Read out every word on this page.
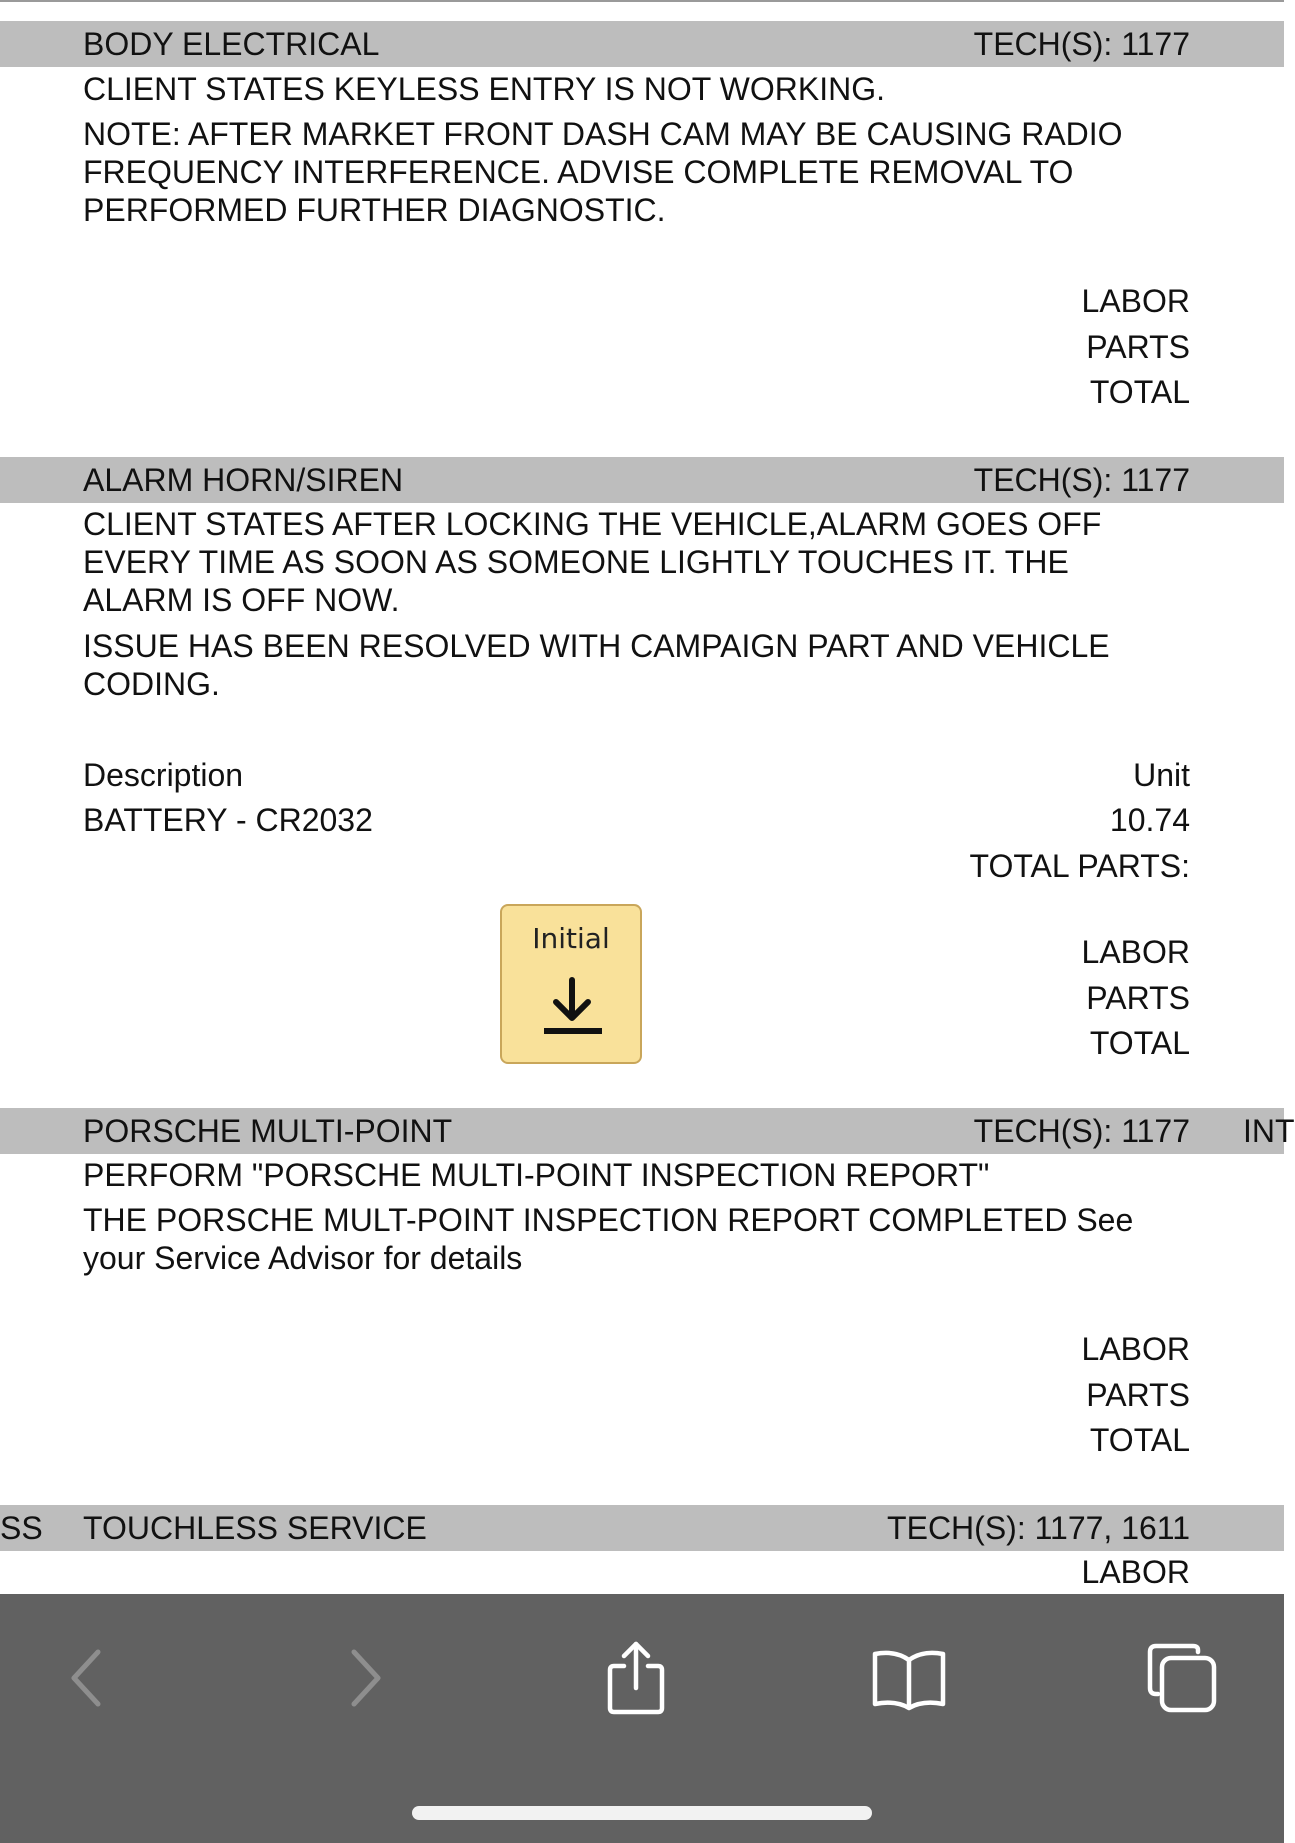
BODY ELECTRICAL	TECH(S): 1177
CLIENT STATES KEYLESS ENTRY IS NOT WORKING.
NOTE: AFTER MARKET FRONT DASH CAM MAY BE CAUSING RADIO
FREQUENCY INTERFERENCE. ADVISE COMPLETE REMOVAL TO
PERFORMED FURTHER DIAGNOSTIC.
LABOR
PARTS
TOTAL
ALARM HORN/SIREN	TECH(S): 1177
CLIENT STATES AFTER LOCKING THE VEHICLE,ALARM GOES OFF
EVERY TIME AS SOON AS SOMEONE LIGHTLY TOUCHES IT. THE
ALARM IS OFF NOW.
ISSUE HAS BEEN RESOLVED WITH CAMPAIGN PART AND VEHICLE
CODING.
Description	Unit
BATTERY - CR2032	10.74
TOTAL PARTS:
Initial	LABOR
PARTS
TOTAL
PORSCHE MULTI-POINT	TECH(S): 1177 INT
PERFORM "PORSCHE MULTI-POINT INSPECTION REPORT"
THE PORSCHE MULT-POINT INSPECTION REPORT COMPLETED See
your Service Advisor for details
LABOR
PARTS
TOTAL
SS TOUCHLESS SERVICE	TECH(S): 1177, 1611
LABOR
